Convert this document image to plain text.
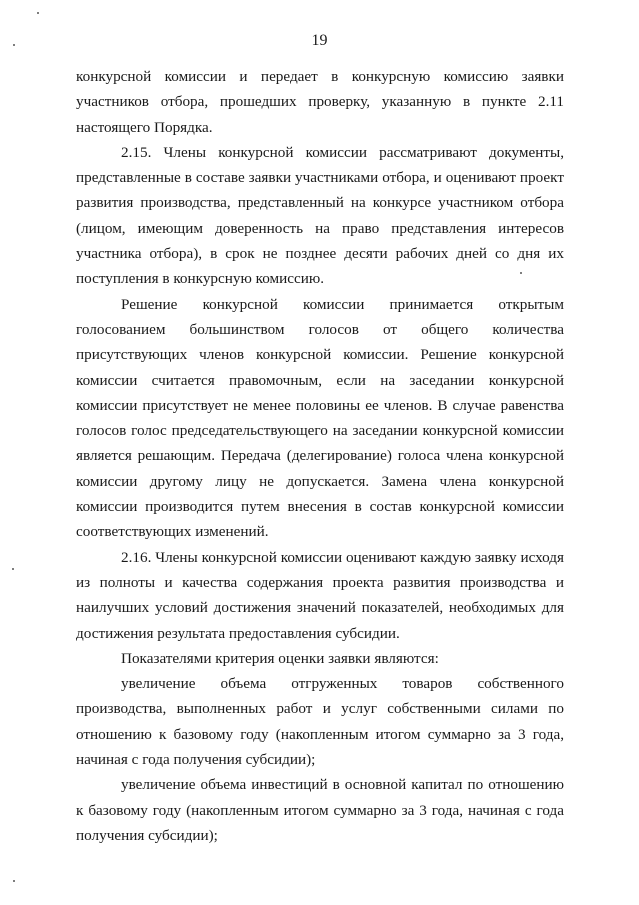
19

конкурсной комиссии и передает в конкурсную комиссию заявки участников отбора, прошедших проверку, указанную в пункте 2.11 настоящего Порядка.

2.15. Члены конкурсной комиссии рассматривают документы, представленные в составе заявки участниками отбора, и оценивают проект развития производства, представленный на конкурсе участником отбора (лицом, имеющим доверенность на право представления интересов участника отбора), в срок не позднее десяти рабочих дней со дня их поступления в конкурсную комиссию.

Решение конкурсной комиссии принимается открытым голосованием большинством голосов от общего количества присутствующих членов конкурсной комиссии. Решение конкурсной комиссии считается правомочным, если на заседании конкурсной комиссии присутствует не менее половины ее членов. В случае равенства голосов голос председательствующего на заседании конкурсной комиссии является решающим. Передача (делегирование) голоса члена конкурсной комиссии другому лицу не допускается. Замена члена конкурсной комиссии производится путем внесения в состав конкурсной комиссии соответствующих изменений.

2.16. Члены конкурсной комиссии оценивают каждую заявку исходя из полноты и качества содержания проекта развития производства и наилучших условий достижения значений показателей, необходимых для достижения результата предоставления субсидии.

Показателями критерия оценки заявки являются:

увеличение объема отгруженных товаров собственного производства, выполненных работ и услуг собственными силами по отношению к базовому году (накопленным итогом суммарно за 3 года, начиная с года получения субсидии);

увеличение объема инвестиций в основной капитал по отношению к базовому году (накопленным итогом суммарно за 3 года, начиная с года получения субсидии);
